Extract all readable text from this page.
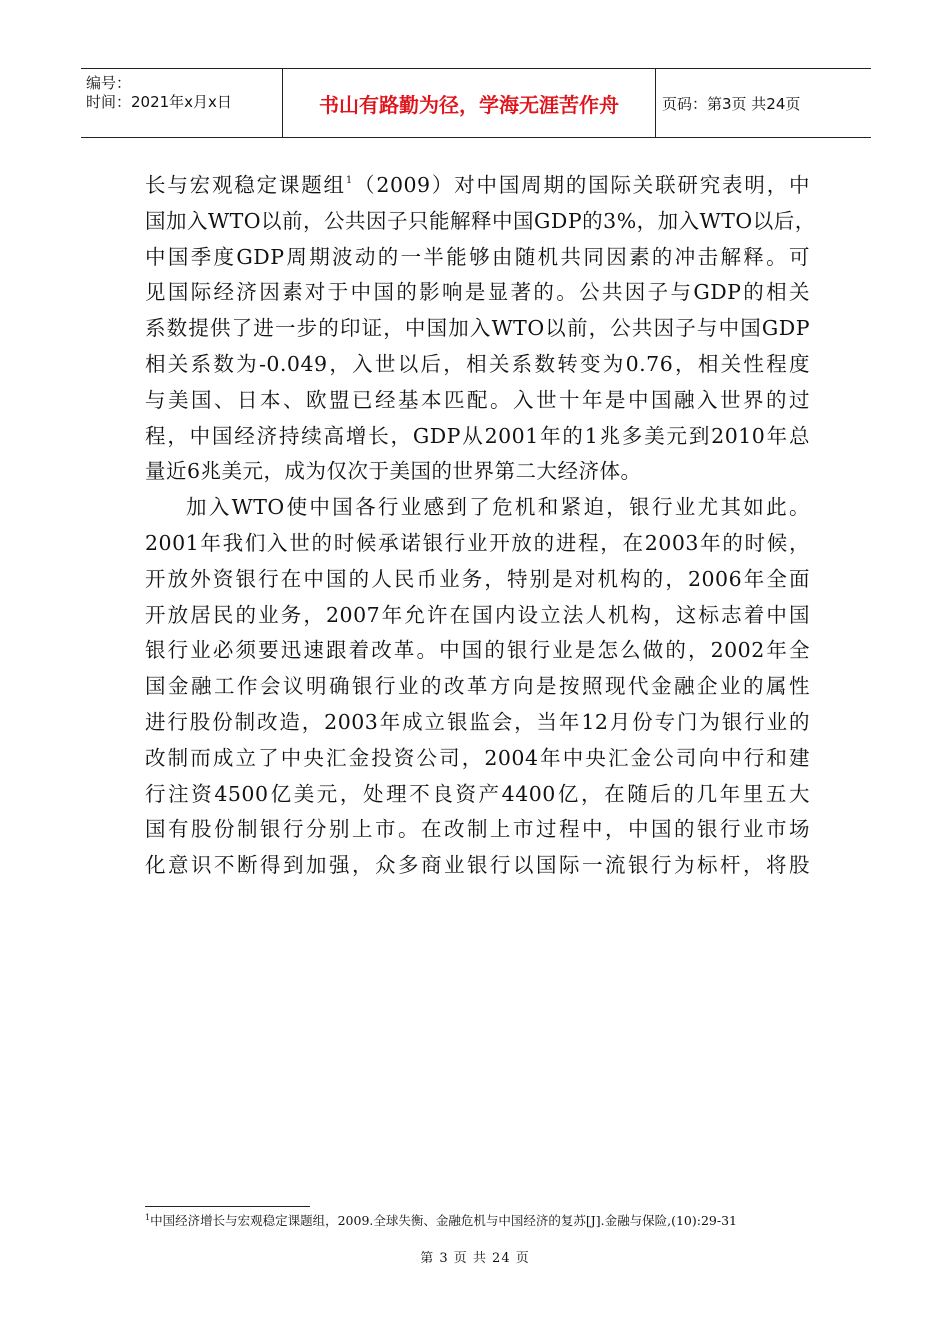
编号：
时间：2021年x月x日	书山有路勤为径，学海无涯苦作舟	页码：第3页 共24页
长与宏观稳定课题组$^1$（2009）对中国周期的国际关联研究表明，中
国加入WTO以前，公共因子只能解释中国GDP的3%，加入WTO以后，
中国季度GDP周期波动的一半能够由随机共同因素的冲击解释。可
见国际经济因素对于中国的影响是显著的。公共因子与GDP的相关
系数提供了进一步的印证，中国加入WTO以前，公共因子与中国GDP
相关系数为-0.049，入世以后，相关系数转变为0.76，相关性程度
与美国、日本、欧盟已经基本匹配。入世十年是中国融入世界的过
程，中国经济持续高增长，GDP从2001年的1兆多美元到2010年总
量近6兆美元，成为仅次于美国的世界第二大经济体。
加入WTO使中国各行业感到了危机和紧迫，银行业尤其如此。
2001年我们入世的时候承诺银行业开放的进程，在2003年的时候，
开放外资银行在中国的人民币业务，特别是对机构的，2006年全面
开放居民的业务，2007年允许在国内设立法人机构，这标志着中国
银行业必须要迅速跟着改革。中国的银行业是怎么做的，2002年全
国金融工作会议明确银行业的改革方向是按照现代金融企业的属性
进行股份制改造，2003年成立银监会，当年12月份专门为银行业的
改制而成立了中央汇金投资公司，2004年中央汇金公司向中行和建
行注资4500亿美元，处理不良资产4400亿，在随后的几年里五大
国有股份制银行分别上市。在改制上市过程中，中国的银行业市场
化意识不断得到加强，众多商业银行以国际一流银行为标杆，将股
$^1$中国经济增长与宏观稳定课题组，2009.全球失衡、金融危机与中国经济的复苏[J].金融与保险,(10):29-31
第 3 页 共 24 页
